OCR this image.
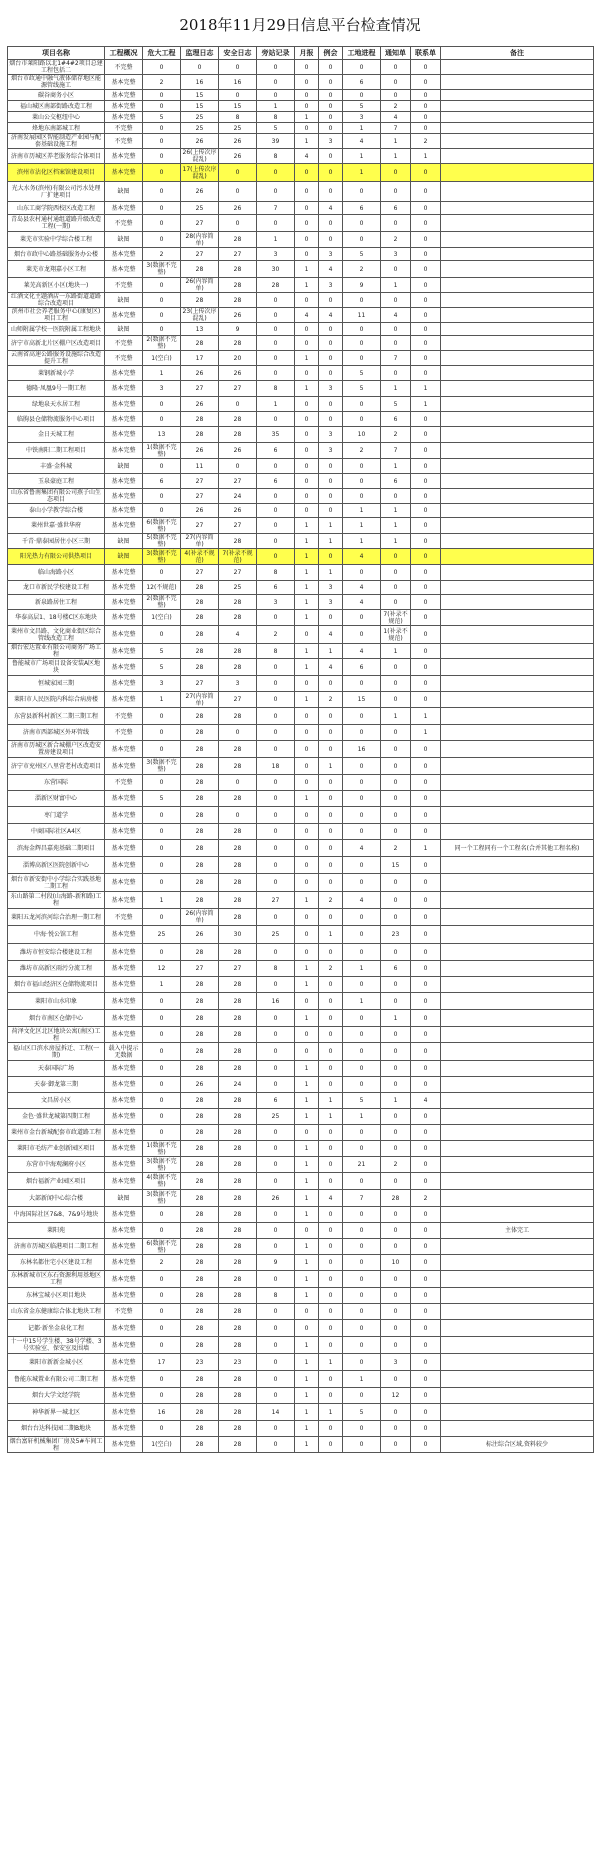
2018年11月29日信息平台检查情况
项目名称	工程概况	危大工程	监理日志	安全日志	旁站记录	月报	例会	工地进程	通知单	联系单	备注
烟台市莱阳路以北1#4#2项目总建工程包括二	不完整	0	0	0	0	0	0	0	0	0	
烟台市政通中融气液体储存地区能源管线施工	基本完整	2	16	16	0	0	0	6	0	0	
碳谷商务小区	基本完整	0	15	0	0	0	0	0	0	0	
福山城区南部街路改造工程	基本完整	0	15	15	1	0	0	5	2	0	
莱山公交枢纽中心	基本完整	5	25	8	8	1	0	3	4	0	
烽地东南部城工程	不完整	0	25	25	5	0	0	1	7	0	
济南发展园区智能制造产业园与配套基础设施工程	不完整	0	26	26	39	1	3	4	1	2	
济南市历城区养老服务综合体项目	基本完整	0	26(上传次序混乱)	26	8	4	0	1	1	1	
滨州市沾化区档案馆建设项目	基本完整	0	17(上传次序混乱)	0	0	0	0	1	0	0	
光大水务(滨州)有限公司污水处理厂扩建项目	缺图	0	26	0	0	0	0	0	0	0	
山东工商学院西校区改造工程	基本完整	0	25	26	7	0	4	6	6	0	
青岛县农村通村通组道路升级改造工程(一期)	不完整	0	27	0	0	0	0	0	0	0	
莱芜市实验中学综合楼工程	缺图	0	28(内容简单)	28	1	0	0	0	2	0	
烟台市政中心路基础服务办公楼	基本完整	2	27	27	3	0	3	5	3	0	
莱芜市龙翔嘉小区工程	基本完整	3(数据不完整)	28	28	30	1	4	2	0	0	
莱芜高新区小区(地块一)	不完整	0	26(内容简单)	28	28	1	3	9	1	0	
红酒文化主题酒店一东路街道道路综合改造项目	缺图	0	28	28	0	0	0	0	0	0	
滨州市社会养老服务中心(康复区)项目工程	基本完整	0	23(上传次序混乱)	26	0	4	4	11	4	0	
山师附属学校一医院附属工程地块	缺图	0	13	9	0	0	0	0	0	0	
济宁市高新北片区棚户区改造项目	不完整	2(数据不完整)	28	28	0	0	0	0	0	0	
云南省高速公路服务设施综合改造提升工程	不完整	1(空白)	17	20	0	1	0	0	7	0	
莱钢新城小学	基本完整	1	26	26	0	0	0	5	0	0	
德隆·凤凰9号一期工程	基本完整	3	27	27	8	1	3	5	1	1	
绿地泉天水居工程	基本完整	0	26	0	1	0	0	0	5	1	
临朐县仓储物流服务中心项目	基本完整	0	28	28	0	0	0	0	6	0	
金日天城工程	基本完整	13	28	28	35	0	3	10	2	0	
中铁南阳二期工程项目	基本完整	1(数据不完整)	26	26	6	0	3	2	7	0	
丰盛·金科城	缺图	0	11	0	0	0	0	0	1	0	
玉泉豪庭工程	基本完整	6	27	27	6	0	0	0	6	0	
山东省鲁南集团有限公司燕子山生态项目	基本完整	0	27	24	0	0	0	0	0	0	
泰山小学教学综合楼	基本完整	0	26	26	0	0	0	1	1	0	
莱州世嘉·盛世华府	基本完整	6(数据不完整)	27	27	0	1	1	1	1	0	
千青·鼎泰园居住小区三期	缺图	5(数据不完整)	27(内容简单)	28	0	1	1	1	1	0	
阳光热力有限公司供热项目	缺图	3(数据不完整)	4(补录不规范)	7(补录不规范)	0	1	0	4	0	0	
临山海路小区	基本完整	0	27	27	8	1	1	0	0	0	
龙口市新民学校建设工程	基本完整	12(不规范)	28	25	6	1	3	4	0	0	
新泉路居住工程	基本完整	2(数据不完整)	28	28	3	1	3	4	0	0	
华泰高层1、18号楼C区东地块	基本完整	1(空白)	28	28	0	1	0	0	7(补录不规范)	0	
莱州市文昌路、文化商业街区综合管线改造工程	基本完整	0	28	4	2	0	4	0	1(补录不规范)	0	
烟台宏达置业有限公司商务广场工程	基本完整	5	28	28	8	1	1	4	1	0	
鲁能城市广场项目设备安装A区地块	基本完整	5	28	28	0	1	4	6	0	0	
恒城家园三期	基本完整	3	27	3	0	0	0	0	0	0	
莱阳市人民医院内科综合病房楼	基本完整	1	27(内容简单)	27	0	1	2	15	0	0	
东营县新科村新区二期三期工程	不完整	0	28	28	0	0	0	0	1	1	
济南市西部城区外环管线	不完整	0	28	0	0	0	0	0	0	1	
济南市历城区新合城棚户区改造安置房建设项目	基本完整	0	28	28	0	0	0	16	0	0	
济宁市兖州区八里营老村改造项目	基本完整	3(数据不完整)	28	28	18	0	1	0	0	0	
东营国际	不完整	0	28	0	0	0	0	0	0	0	
淄新区财富中心	基本完整	5	28	28	0	1	0	0	0	0	
枣门道学	基本完整	0	28	0	0	0	0	0	0	0	
中商国际社区A4区	基本完整	0	28	28	0	0	0	0	0	0	
滨海金辉昌嘉苑基础二期项目	基本完整	0	28	28	0	0	0	4	2	1	同一个工程同有一个工程名(合并其他工程名称)
淄博高新区医院创新中心	基本完整	0	28	28	0	0	0	0	15	0	
烟台市新安街中小学综合实践基地二期工程	基本完整	0	28	28	0	0	0	0	0	0	
东山路第二村段(山海路-新和路)工程	基本完整	1	28	28	27	1	2	4	0	0	
莱阳五龙河滨河综合治理一期工程	不完整	0	26(内容简单)	28	0	0	0	0	0	0	
中海·悦公馆工程	基本完整	25	26	30	25	0	1	0	23	0	
潍坊市恒安综合楼建设工程	基本完整	0	28	28	0	0	0	0	0	0	
潍坊市高新区雨污分流工程	基本完整	12	27	27	8	1	2	1	6	0	
烟台市福山经济区仓储物流项目	基本完整	1	28	28	0	1	0	0	0	0	
莱阳市山水印象	基本完整	0	28	28	16	0	0	1	0	0	
烟台市南区仓储中心	基本完整	0	28	28	0	1	0	0	1	0	
荷泽文化区北区地块公寓(南区)工程	基本完整	0	28	28	0	0	0	0	0	0	
福山区口滨水房屋拆迁、工程(一期)	载入中提示无数据	0	28	28	0	0	0	0	0	0	
天泰国际广场	基本完整	0	28	28	0	1	0	0	0	0	
天泰·御龙第三期	基本完整	0	26	24	0	1	0	0	0	0	
文昌居小区	基本完整	0	28	28	6	1	1	5	1	4	
金色·盛世龙城第四期工程	基本完整	0	28	28	25	1	1	1	0	0	
莱州市金台新城配套市政道路工程	基本完整	0	28	28	0	0	0	0	0	0	
莱阳市毛纺产业创新园区项目	基本完整	1(数据不完整)	28	28	0	1	0	0	0	0	
东营市中海观澜府小区	基本完整	3(数据不完整)	28	28	0	1	0	21	2	0	
烟台福新产业园区项目	基本完整	4(数据不完整)	28	28	0	1	0	0	0	0	
大部新闻中心综合楼	缺图	3(数据不完整)	28	28	26	1	4	7	28	2	
中海国际社区7&8、7&9号地块	基本完整	0	28	28	0	1	0	0	0	0	
莱阳苑	基本完整	0	28	28	0	0	0	0	0	0	主体完工
济南市历城区临港项目二期工程	基本完整	6(数据不完整)	28	28	0	1	0	0	0	0	
东林名都住宅小区建设工程	基本完整	2	28	28	9	1	0	0	10	0	
东林新城市区东石资源利用基地区工程	基本完整	0	28	28	0	1	0	0	0	0	
东林宝城小区项目地块	基本完整	0	28	28	8	1	0	0	0	0	
山东省金东健康综合体北地块工程	不完整	0	28	28	0	0	0	0	0	0	
记都·新坐金泉化工程	基本完整	0	28	28	0	0	0	0	0	0	
十一中15号学生楼、38号学楼、3号实验室、保安室及围墙	基本完整	0	28	28	0	1	0	0	0	0	
莱阳市新新金城小区	基本完整	17	23	23	0	1	1	0	3	0	
鲁能东城置业有限公司二期工程	基本完整	0	28	28	0	1	0	1	0	0	
烟台大学文经学院	基本完整	0	28	28	0	1	0	0	12	0	
神华新界一城北区	基本完整	16	28	28	14	1	1	5	0	0	
烟台台达科技园二期B地块	基本完整	0	28	28	0	1	0	0	0	0	
烟台富轩机械集团厂房及5#车间工程	基本完整	1(空白)	28	28	0	1	0	0	0	0	标注综合区域,资料较少
